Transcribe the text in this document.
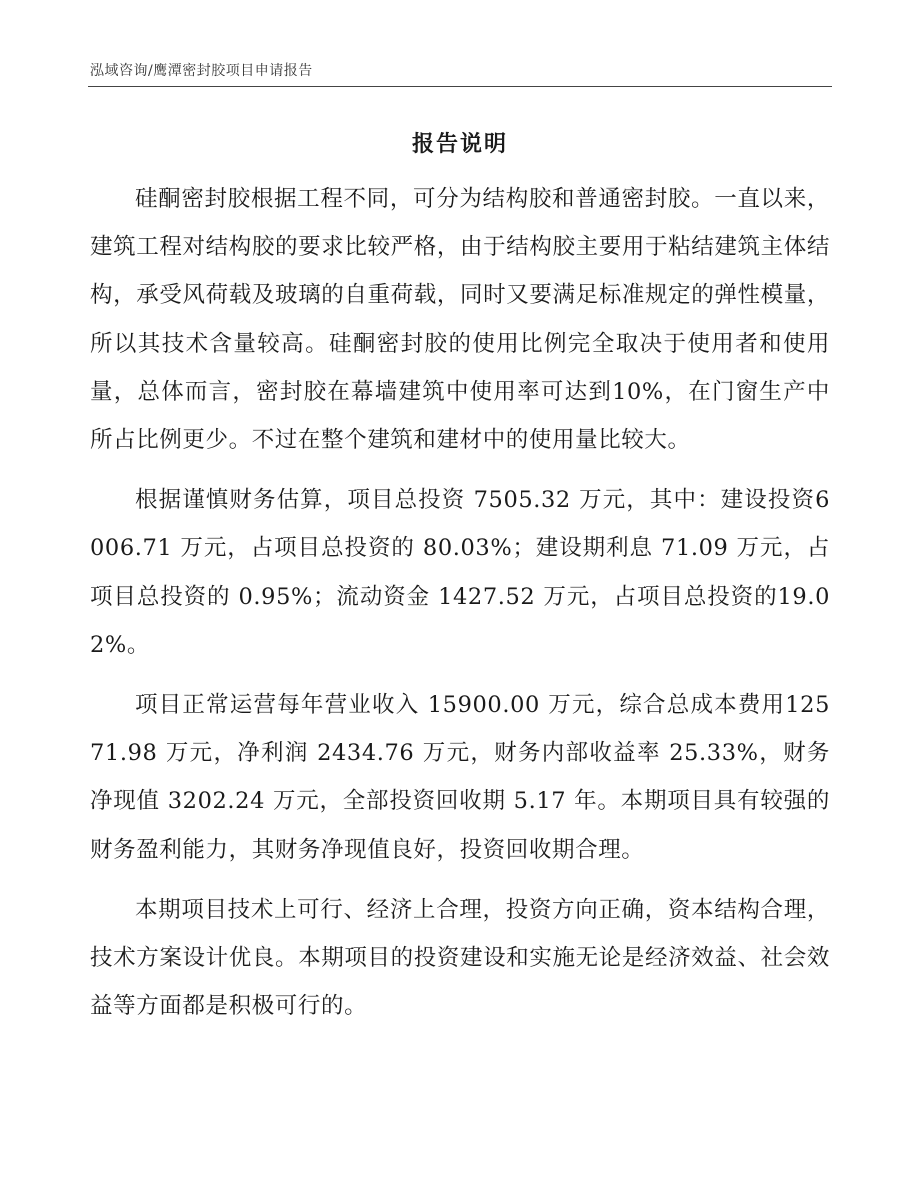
泓域咨询/鹰潭密封胶项目申请报告
报告说明

硅酮密封胶根据工程不同，可分为结构胶和普通密封胶。一直以来，建筑工程对结构胶的要求比较严格，由于结构胶主要用于粘结建筑主体结构，承受风荷载及玻璃的自重荷载，同时又要满足标准规定的弹性模量，所以其技术含量较高。硅酮密封胶的使用比例完全取决于使用者和使用量，总体而言，密封胶在幕墙建筑中使用率可达到10%，在门窗生产中所占比例更少。不过在整个建筑和建材中的使用量比较大。

根据谨慎财务估算，项目总投资 7505.32 万元，其中：建设投资6006.71 万元，占项目总投资的 80.03%；建设期利息 71.09 万元，占项目总投资的 0.95%；流动资金 1427.52 万元，占项目总投资的19.02%。

项目正常运营每年营业收入 15900.00 万元，综合总成本费用12571.98 万元，净利润 2434.76 万元，财务内部收益率 25.33%，财务净现值 3202.24 万元，全部投资回收期 5.17 年。本期项目具有较强的财务盈利能力，其财务净现值良好，投资回收期合理。

本期项目技术上可行、经济上合理，投资方向正确，资本结构合理，技术方案设计优良。本期项目的投资建设和实施无论是经济效益、社会效益等方面都是积极可行的。
